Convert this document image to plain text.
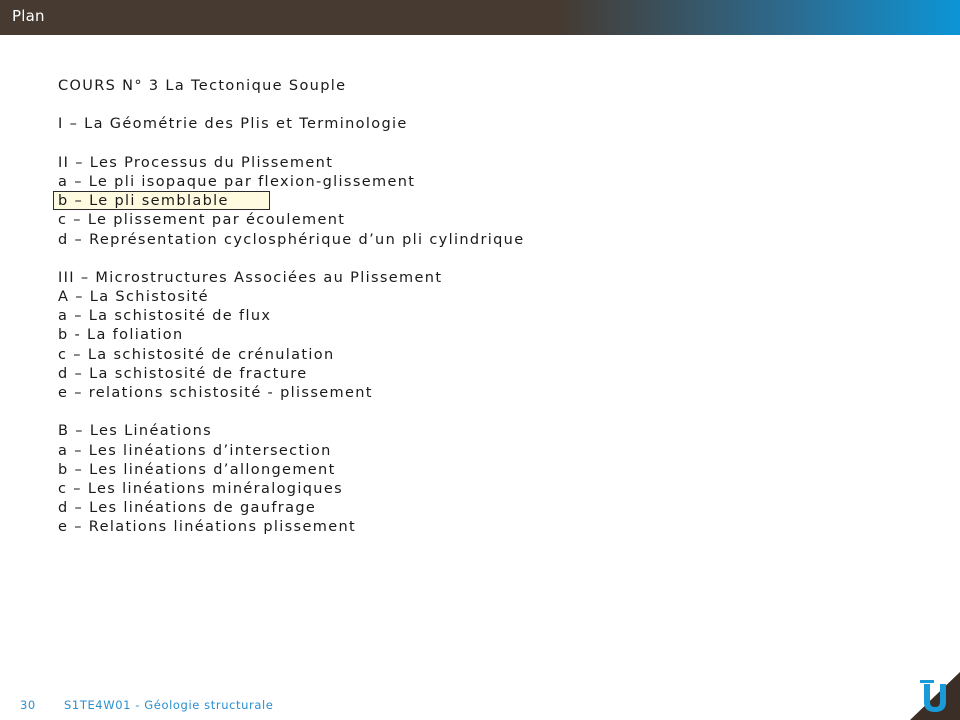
Plan
COURS N° 3 La Tectonique Souple
I – La Géométrie des Plis et Terminologie
II – Les Processus du Plissement
a – Le pli isopaque par flexion-glissement
b – Le pli semblable
c – Le plissement par écoulement
d – Représentation cyclosphérique d’un pli cylindrique
III – Microstructures Associées au Plissement
A – La Schistosité
a – La schistosité de flux
b - La foliation
c – La schistosité de crénulation
d – La schistosité de fracture
e – relations schistosité - plissement
B – Les Linéations
a – Les linéations d’intersection
b – Les linéations d’allongement
c – Les linéations minéralogiques
d – Les linéations de gaufrage
e – Relations linéations plissement
30 S1TE4W01 - Géologie structurale
